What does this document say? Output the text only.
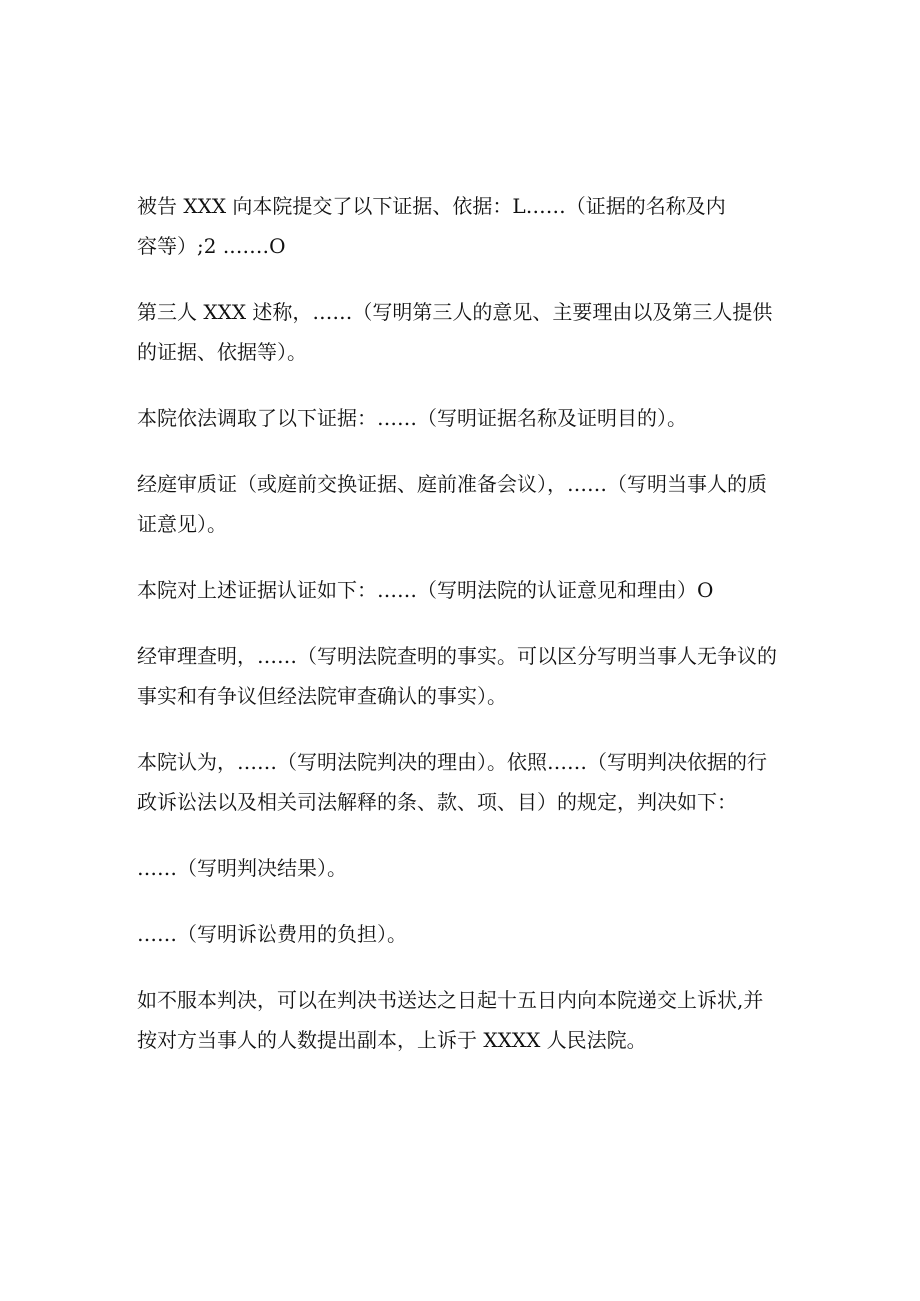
被告 XXX 向本院提交了以下证据、依据：L……（证据的名称及内
容等）;2 .……O

第三人 XXX 述称，……（写明第三人的意见、主要理由以及第三人提供
的证据、依据等）。

本院依法调取了以下证据：……（写明证据名称及证明目的）。

经庭审质证（或庭前交换证据、庭前准备会议），……（写明当事人的质
证意见）。

本院对上述证据认证如下：……（写明法院的认证意见和理由）O

经审理查明，……（写明法院查明的事实。可以区分写明当事人无争议的
事实和有争议但经法院审查确认的事实）。

本院认为，……（写明法院判决的理由）。依照……（写明判决依据的行
政诉讼法以及相关司法解释的条、款、项、目）的规定，判决如下：

……（写明判决结果）。

……（写明诉讼费用的负担）。

如不服本判决，可以在判决书送达之日起十五日内向本院递交上诉状,并
按对方当事人的人数提出副本，上诉于 XXXX 人民法院。
